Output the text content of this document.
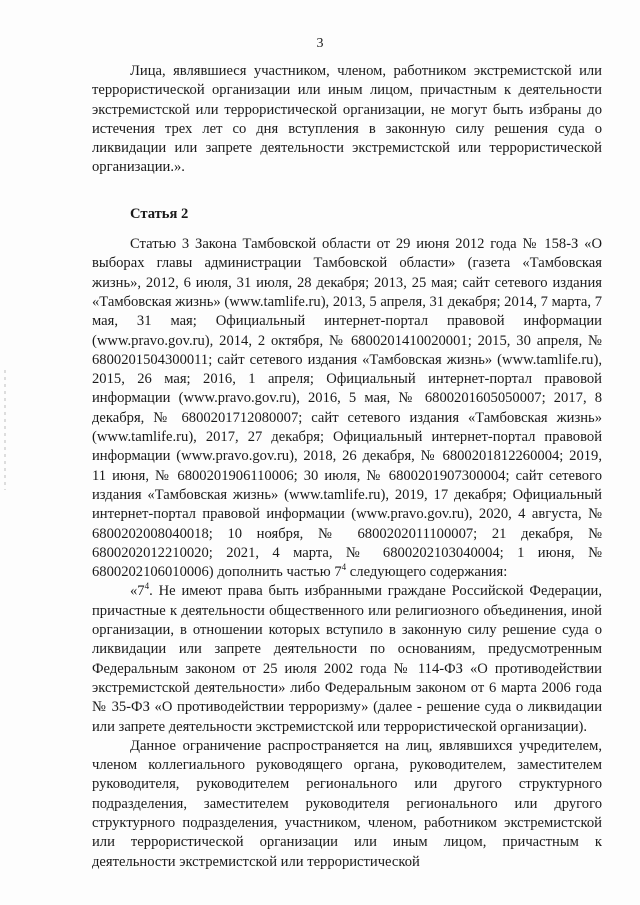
3

Лица, являвшиеся участником, членом, работником экстремистской или террористической организации или иным лицом, причастным к деятельности экстремистской или террористической организации, не могут быть избраны до истечения трех лет со дня вступления в законную силу решения суда о ликвидации или запрете деятельности экстремистской или террористической организации.».

Статья 2

Статью 3 Закона Тамбовской области от 29 июня 2012 года № 158-З «О выборах главы администрации Тамбовской области» (газета «Тамбовская жизнь», 2012, 6 июля, 31 июля, 28 декабря; 2013, 25 мая; сайт сетевого издания «Тамбовская жизнь» (www.tamlife.ru), 2013, 5 апреля, 31 декабря; 2014, 7 марта, 7 мая, 31 мая; Официальный интернет-портал правовой информации (www.pravo.gov.ru), 2014, 2 октября, № 6800201410020001; 2015, 30 апреля, № 6800201504300011; сайт сетевого издания «Тамбовская жизнь» (www.tamlife.ru), 2015, 26 мая; 2016, 1 апреля; Официальный интернет-портал правовой информации (www.pravo.gov.ru), 2016, 5 мая, № 6800201605050007; 2017, 8 декабря, № 6800201712080007; сайт сетевого издания «Тамбовская жизнь» (www.tamlife.ru), 2017, 27 декабря; Официальный интернет-портал правовой информации (www.pravo.gov.ru), 2018, 26 декабря, № 6800201812260004; 2019, 11 июня, № 6800201906110006; 30 июля, № 6800201907300004; сайт сетевого издания «Тамбовская жизнь» (www.tamlife.ru), 2019, 17 декабря; Официальный интернет-портал правовой информации (www.pravo.gov.ru), 2020, 4 августа, № 6800202008040018; 10 ноября, № 6800202011100007; 21 декабря, № 6800202012210020; 2021, 4 марта, № 6800202103040004; 1 июня, № 6800202106010006) дополнить частью $7^4$ следующего содержания:

«$7^4$. Не имеют права быть избранными граждане Российской Федерации, причастные к деятельности общественного или религиозного объединения, иной организации, в отношении которых вступило в законную силу решение суда о ликвидации или запрете деятельности по основаниям, предусмотренным Федеральным законом от 25 июля 2002 года № 114-ФЗ «О противодействии экстремистской деятельности» либо Федеральным законом от 6 марта 2006 года № 35-ФЗ «О противодействии терроризму» (далее - решение суда о ликвидации или запрете деятельности экстремистской или террористической организации).

Данное ограничение распространяется на лиц, являвшихся учредителем, членом коллегиального руководящего органа, руководителем, заместителем руководителя, руководителем регионального или другого структурного подразделения, заместителем руководителя регионального или другого структурного подразделения, участником, членом, работником экстремистской или террористической организации или иным лицом, причастным к деятельности экстремистской или террористической
